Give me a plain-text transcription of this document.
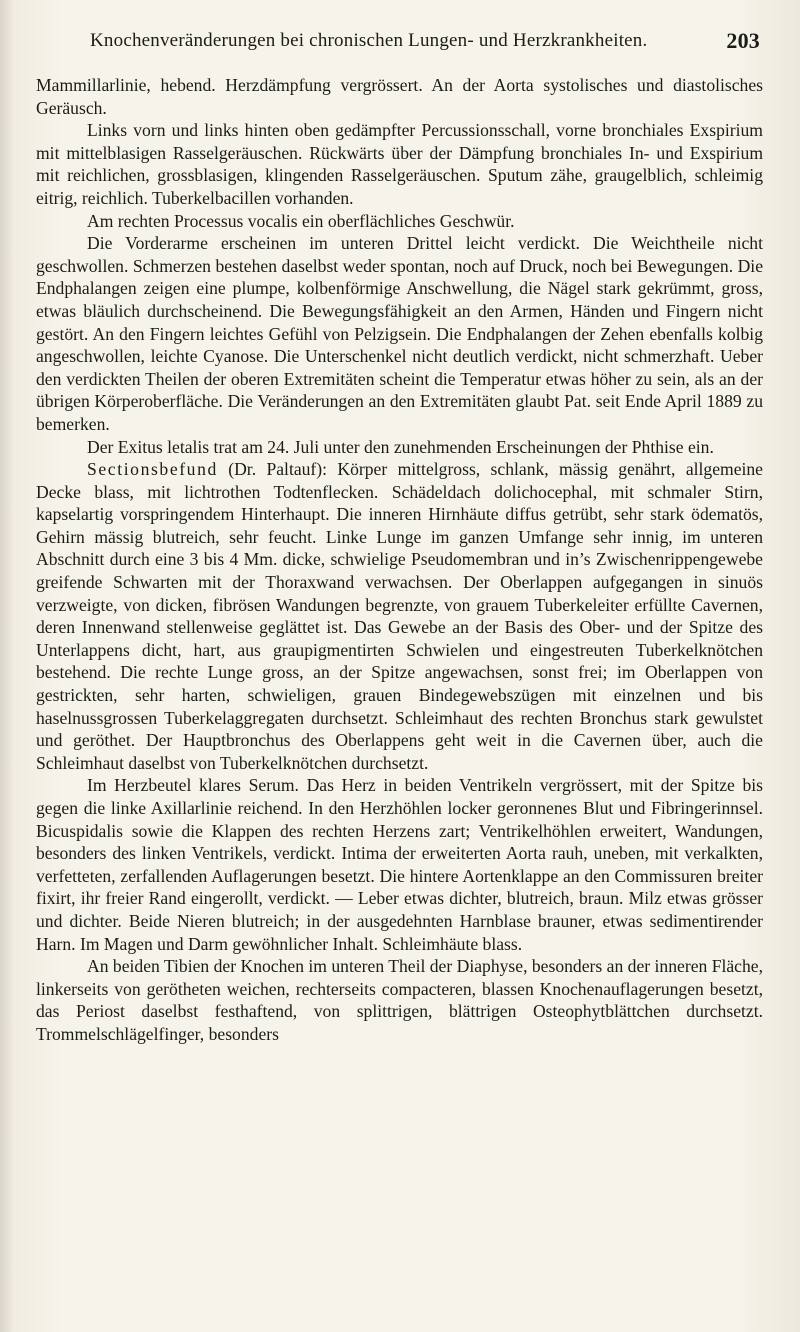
Knochenveränderungen bei chronischen Lungen- und Herzkrankheiten.	203

Mammillarlinie, hebend. Herzdämpfung vergrössert. An der Aorta systolisches und diastolisches Geräusch.

Links vorn und links hinten oben gedämpfter Percussionsschall, vorne bronchiales Exspirium mit mittelblasigen Rasselgeräuschen. Rückwärts über der Dämpfung bronchiales In- und Exspirium mit reichlichen, grossblasigen, klingenden Rasselgeräuschen. Sputum zähe, graugelblich, schleimig eitrig, reichlich. Tuberkelbacillen vorhanden.

Am rechten Processus vocalis ein oberflächliches Geschwür.

Die Vorderarme erscheinen im unteren Drittel leicht verdickt. Die Weichtheile nicht geschwollen. Schmerzen bestehen daselbst weder spontan, noch auf Druck, noch bei Bewegungen. Die Endphalangen zeigen eine plumpe, kolbenförmige Anschwellung, die Nägel stark gekrümmt, gross, etwas bläulich durchscheinend. Die Bewegungsfähigkeit an den Armen, Händen und Fingern nicht gestört. An den Fingern leichtes Gefühl von Pelzigsein. Die Endphalangen der Zehen ebenfalls kolbig angeschwollen, leichte Cyanose. Die Unterschenkel nicht deutlich verdickt, nicht schmerzhaft. Ueber den verdickten Theilen der oberen Extremitäten scheint die Temperatur etwas höher zu sein, als an der übrigen Körperoberfläche. Die Veränderungen an den Extremitäten glaubt Pat. seit Ende April 1889 zu bemerken.

Der Exitus letalis trat am 24. Juli unter den zunehmenden Erscheinungen der Phthise ein.

Sectionsbefund (Dr. Paltauf): Körper mittelgross, schlank, mässig genährt, allgemeine Decke blass, mit lichtrothen Todtenflecken. Schädeldach dolichocephal, mit schmaler Stirn, kapselartig vorspringendem Hinterhaupt. Die inneren Hirnhäute diffus getrübt, sehr stark ödematös, Gehirn mässig blutreich, sehr feucht. Linke Lunge im ganzen Umfange sehr innig, im unteren Abschnitt durch eine 3 bis 4 Mm. dicke, schwielige Pseudomembran und in’s Zwischenrippengewebe greifende Schwarten mit der Thoraxwand verwachsen. Der Oberlappen aufgegangen in sinuös verzweigte, von dicken, fibrösen Wandungen begrenzte, von grauem Tuberkeleiter erfüllte Cavernen, deren Innenwand stellenweise geglättet ist. Das Gewebe an der Basis des Ober- und der Spitze des Unterlappens dicht, hart, aus graupigmentirten Schwielen und eingestreuten Tuberkelknötchen bestehend. Die rechte Lunge gross, an der Spitze angewachsen, sonst frei; im Oberlappen von gestrickten, sehr harten, schwieligen, grauen Bindegewebszügen mit einzelnen und bis haselnussgrossen Tuberkelaggregaten durchsetzt. Schleimhaut des rechten Bronchus stark gewulstet und geröthet. Der Hauptbronchus des Oberlappens geht weit in die Cavernen über, auch die Schleimhaut daselbst von Tuberkelknötchen durchsetzt.

Im Herzbeutel klares Serum. Das Herz in beiden Ventrikeln vergrössert, mit der Spitze bis gegen die linke Axillarlinie reichend. In den Herzhöhlen locker geronnenes Blut und Fibringerinnsel. Bicuspidalis sowie die Klappen des rechten Herzens zart; Ventrikelhöhlen erweitert, Wandungen, besonders des linken Ventrikels, verdickt. Intima der erweiterten Aorta rauh, uneben, mit verkalkten, verfetteten, zerfallenden Auflagerungen besetzt. Die hintere Aortenklappe an den Commissuren breiter fixirt, ihr freier Rand eingerollt, verdickt. — Leber etwas dichter, blutreich, braun. Milz etwas grösser und dichter. Beide Nieren blutreich; in der ausgedehnten Harnblase brauner, etwas sedimentirender Harn. Im Magen und Darm gewöhnlicher Inhalt. Schleimhäute blass.

An beiden Tibien der Knochen im unteren Theil der Diaphyse, besonders an der inneren Fläche, linkerseits von gerötheten weichen, rechterseits compacteren, blassen Knochenauflagerungen besetzt, das Periost daselbst festhaftend, von splittrigen, blättrigen Osteophytblättchen durchsetzt. Trommelschlägelfinger, besonders
